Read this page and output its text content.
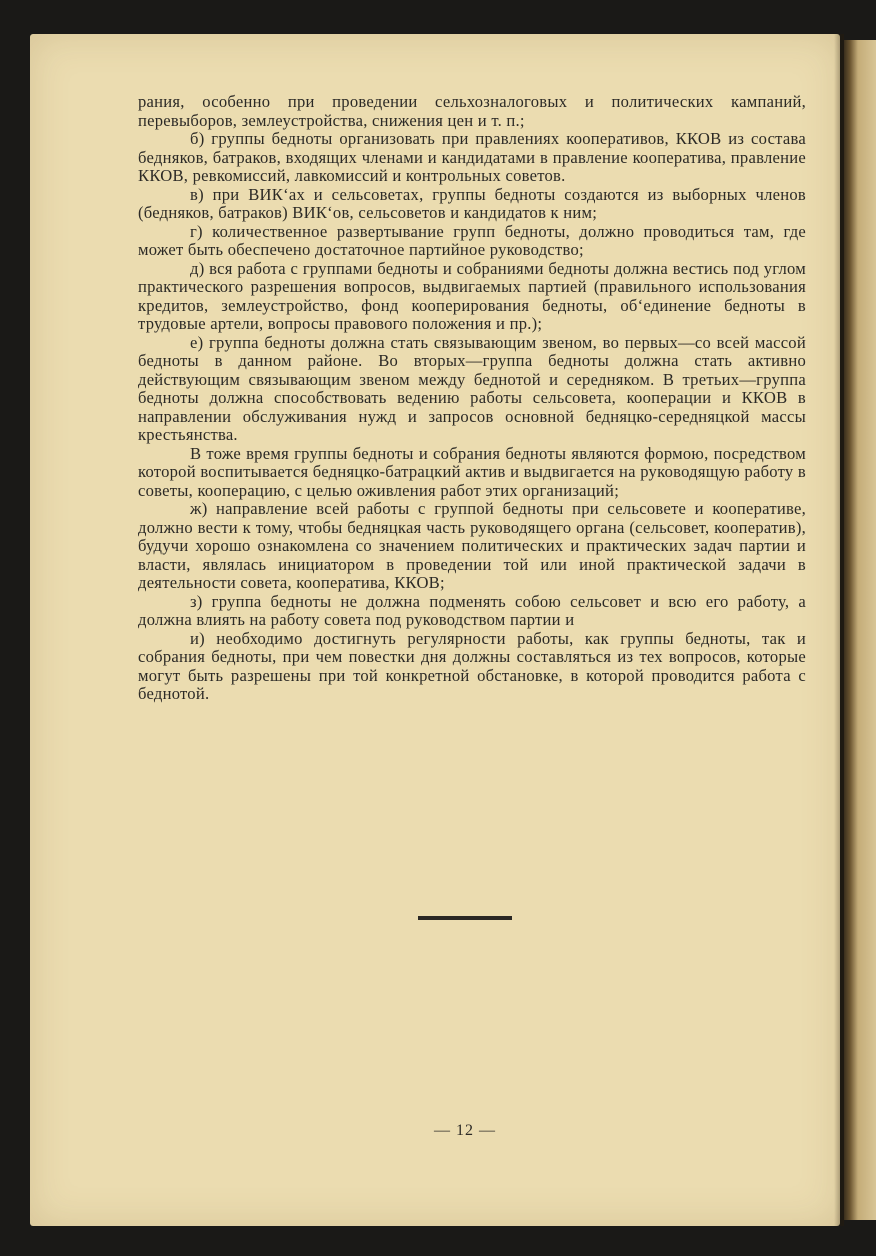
рания, особенно при проведении сельхозналоговых и политических кампаний, перевыборов, землеустройства, снижения цен и т. п.;

б) группы бедноты организовать при правлениях кооперативов, ККОВ из состава бедняков, батраков, входящих членами и кандидатами в правление кооператива, правление ККОВ, ревкомиссий, лавкомиссий и контрольных советов.

в) при ВИК‘ах и сельсоветах, группы бедноты создаются из выборных членов (бедняков, батраков) ВИК‘ов, сельсоветов и кандидатов к ним;

г) количественное развертывание групп бедноты, должно проводиться там, где может быть обеспечено достаточное партийное руководство;

д) вся работа с группами бедноты и собраниями бедноты должна вестись под углом практического разрешения вопросов, выдвигаемых партией (правильного использования кредитов, землеустройство, фонд кооперирования бедноты, об‘единение бедноты в трудовые артели, вопросы правового положения и пр.);

е) группа бедноты должна стать связывающим звеном, во первых—со всей массой бедноты в данном районе. Во вторых—группа бедноты должна стать активно действующим связывающим звеном между беднотой и середняком. В третьих—группа бедноты должна способствовать ведению работы сельсовета, кооперации и ККОВ в направлении обслуживания нужд и запросов основной бедняцко-середняцкой массы крестьянства.

В тоже время группы бедноты и собрания бедноты являются формою, посредством которой воспитывается бедняцко-батрацкий актив и выдвигается на руководящую работу в советы, кооперацию, с целью оживления работ этих организаций;

ж) направление всей работы с группой бедноты при сельсовете и кооперативе, должно вести к тому, чтобы бедняцкая часть руководящего органа (сельсовет, кооператив), будучи хорошо ознакомлена со значением политических и практических задач партии и власти, являлась инициатором в проведении той или иной практической задачи в деятельности совета, кооператива, ККОВ;

з) группа бедноты не должна подменять собою сельсовет и всю его работу, а должна влиять на работу совета под руководством партии и

и) необходимо достигнуть регулярности работы, как группы бедноты, так и собрания бедноты, при чем повестки дня должны составляться из тех вопросов, которые могут быть разрешены при той конкретной обстановке, в которой проводится работа с беднотой.

— 12 —
